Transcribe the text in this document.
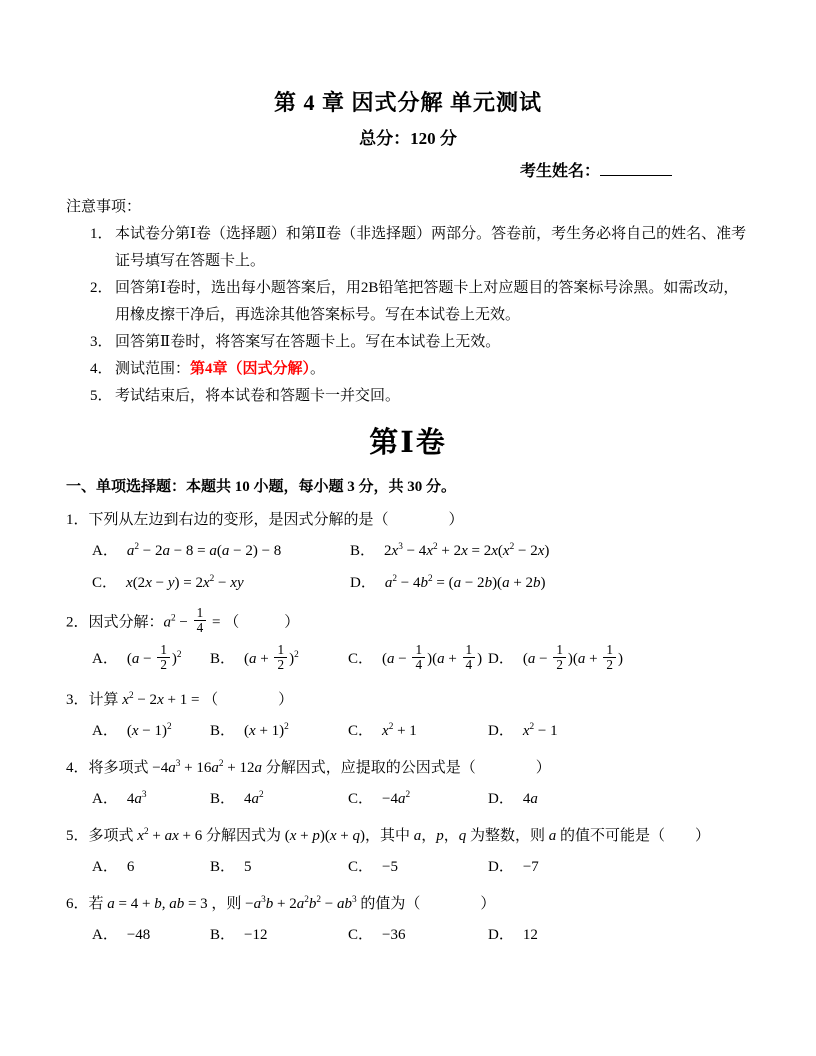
第 4 章 因式分解 单元测试
总分：120 分
考生姓名：
注意事项：
1． 本试卷分第Ⅰ卷（选择题）和第Ⅱ卷（非选择题）两部分。答卷前，考生务必将自己的姓名、准考证号填写在答题卡上。
2． 回答第Ⅰ卷时，选出每小题答案后，用2B铅笔把答题卡上对应题目的答案标号涂黑。如需改动，用橡皮擦干净后，再选涂其他答案标号。写在本试卷上无效。
3． 回答第Ⅱ卷时，将答案写在答题卡上。写在本试卷上无效。
4． 测试范围：第4章（因式分解）。
5． 考试结束后，将本试卷和答题卡一并交回。
第Ⅰ卷
一、单项选择题：本题共 10 小题，每小题 3 分，共 30 分。
1．下列从左边到右边的变形，是因式分解的是（　　　　）
A． $a^2 - 2a - 8 = a(a - 2) - 8$	B． $2x^3 - 4x^2 + 2x = 2x(x^2 - 2x)$
C． $x(2x - y) = 2x^2$ − xy	D． $a^2 - 4b^2 = (a - 2b)(a + 2b)$
2．因式分解：$a^2 - \frac{1}{4}$ = （　　　）
A． $(a - \frac{1}{2} )^2$	B． $(a + \frac{1}{2} )^2$	C． $(a - \frac{1}{4} )(a + \frac{1}{4}$ ) D． $(a - \frac{1}{2} )(a + \frac{1}{2}$ )
3．计算 $x^2 - 2x + 1$ = （　　　　）
A． $(x - 1)^2$	B． $(x + 1)^2$	C． $x^2 + 1$	D． $x^2 - 1$
4．将多项式 $-4a^3 + 16a^2 + 12a$ 分解因式，应提取的公因式是（　　　　）
A． $4a^3$	B． $4a^2$	C． $-4a^2$	D． 4a
5．多项式 $x^2$ + ax + 6 分解因式为 (x + p)(x + q)，其中 a，p，q 为整数，则 a 的值不可能是（　　）
A． 6	B． 5	C． −5	D． −7
6．若 a = 4 + b, ab = 3 ，则 $-a^3b + 2a^2b^2 - ab^3$ 的值为（　　　　）
A． −48	B． −12	C． −36	D． 12
